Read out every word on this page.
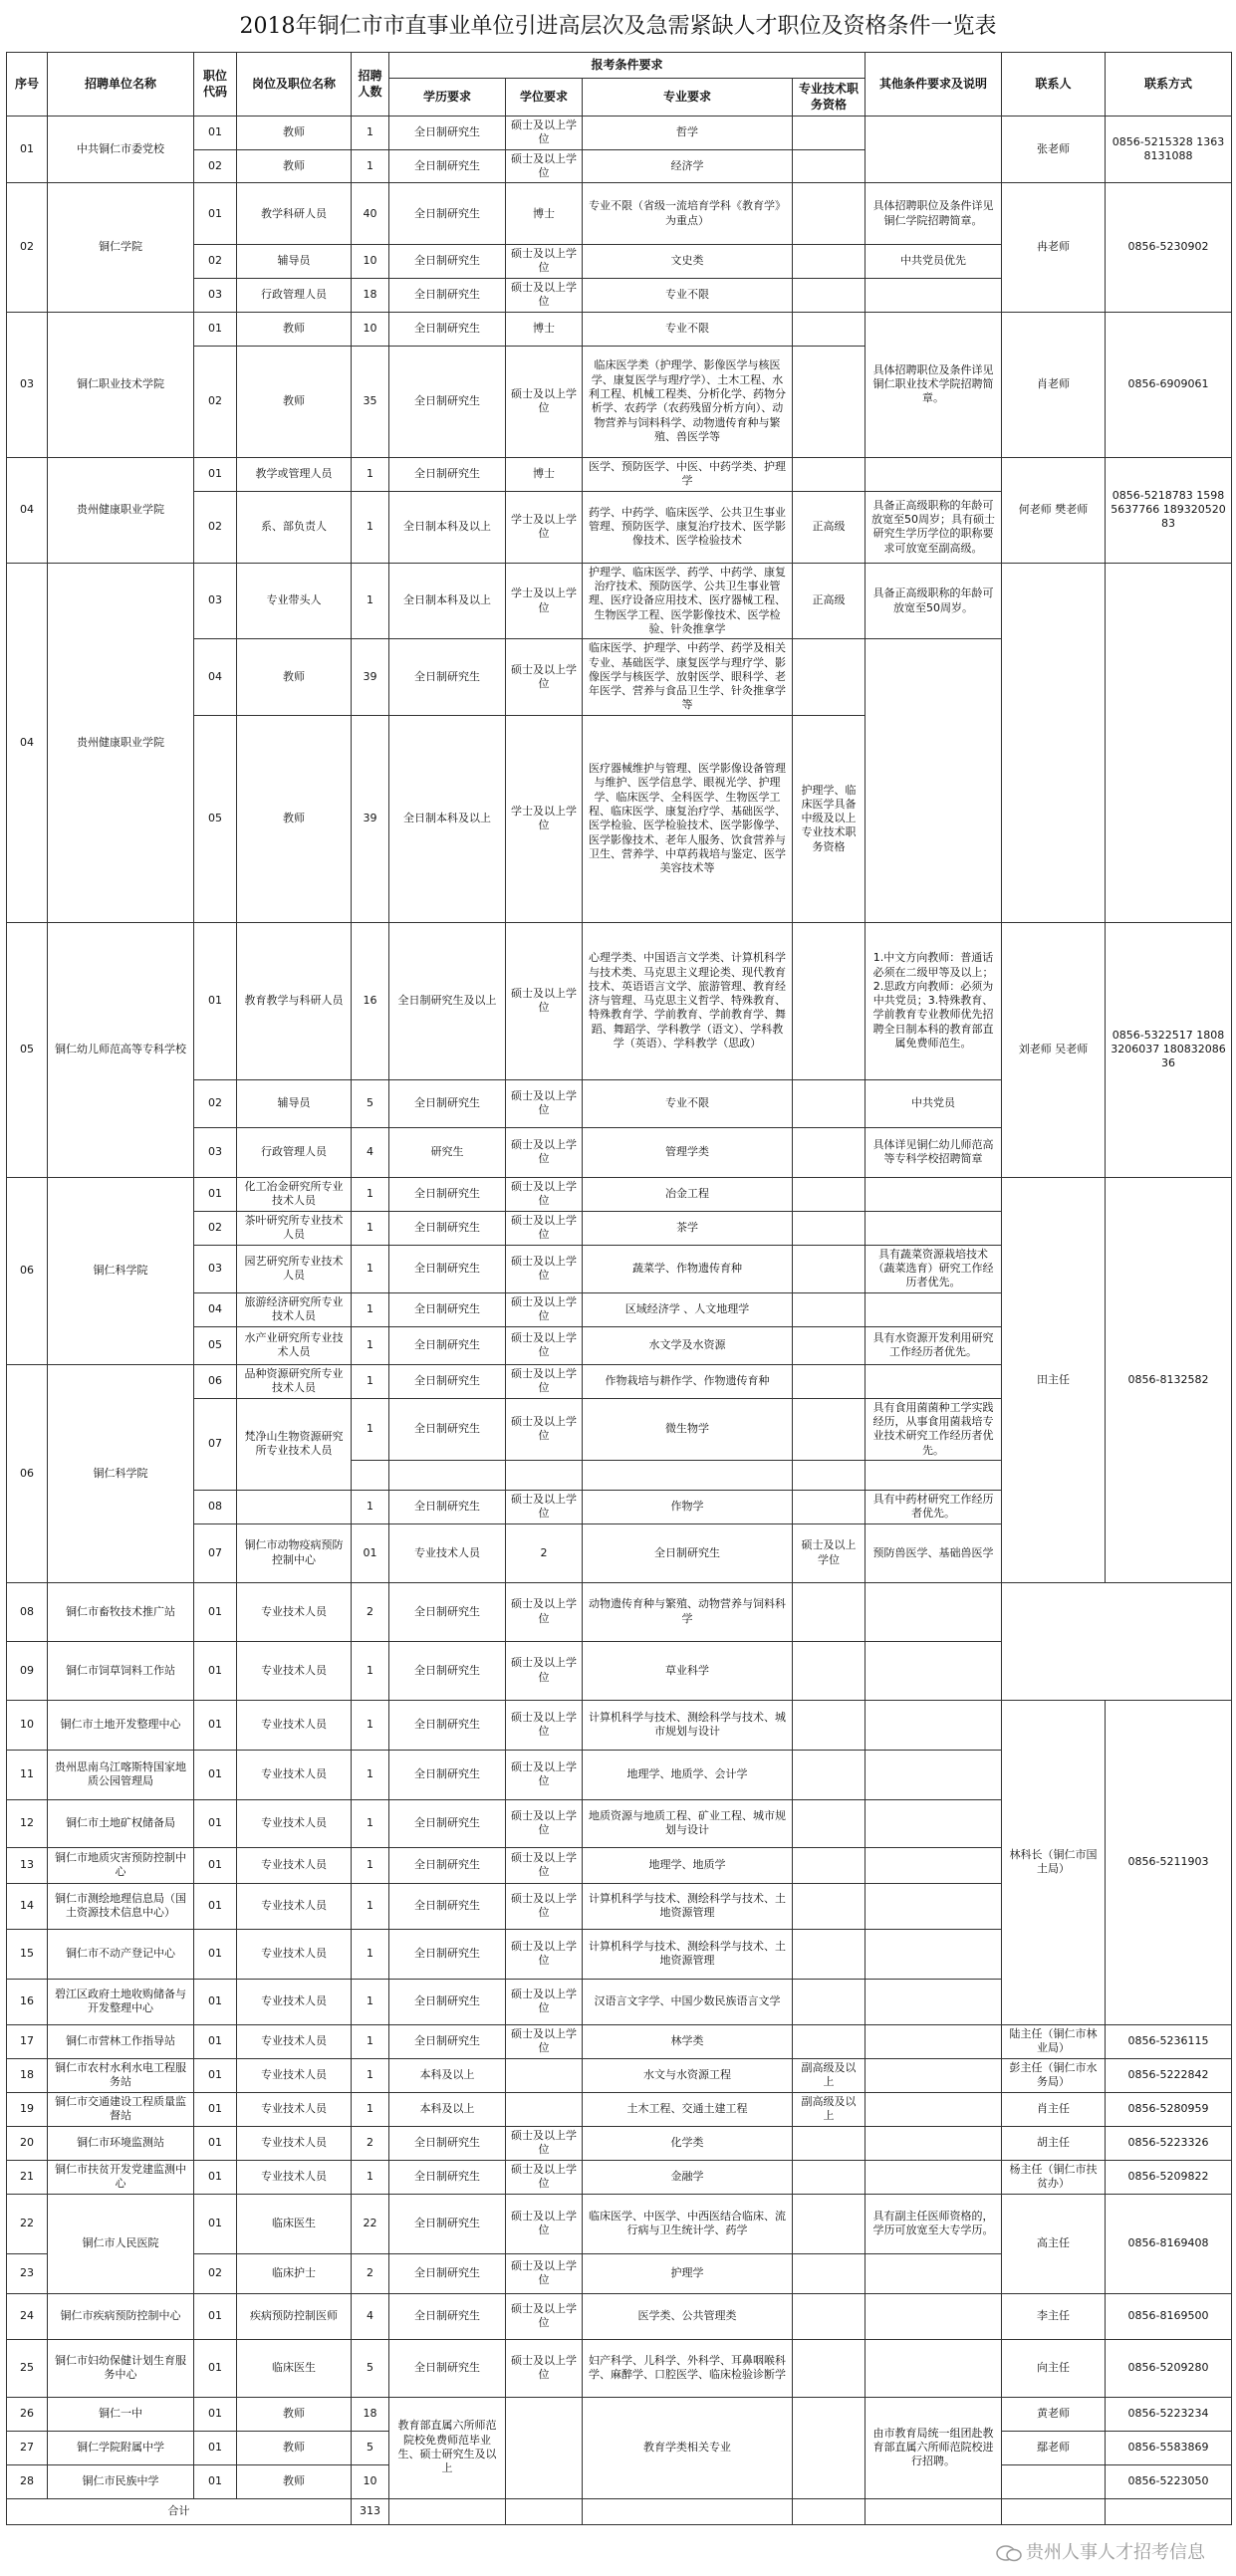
2018年铜仁市市直事业单位引进高层次及急需紧缺人才职位及资格条件一览表
序号	招聘单位名称	职位代码	岗位及职位名称	招聘人数	报考条件要求				其他条件要求及说明	联系人	联系方式	
					学历要求	学位要求	专业要求	专业技术职务资格				
01	中共铜仁市委党校	01	教师	1	全日制研究生	硕士及以上学位	哲学			张老师	0856-5215328 13638131088	
		02	教师	1	全日制研究生	硕士及以上学位	经济学					
02	铜仁学院	01	教学科研人员	40	全日制研究生	博士	专业不限（省级一流培育学科《教育学》为重点）		具体招聘职位及条件详见铜仁学院招聘简章。	冉老师	0856-5230902	
		02	辅导员	10	全日制研究生	硕士及以上学位	文史类		中共党员优先			
		03	行政管理人员	18	全日制研究生	硕士及以上学位	专业不限					
03	铜仁职业技术学院	01	教师	10	全日制研究生	博士	专业不限		具体招聘职位及条件详见铜仁职业技术学院招聘简章。	肖老师	0856-6909061	
		02	教师	35	全日制研究生	硕士及以上学位	临床医学类（护理学、影像医学与核医学、康复医学与理疗学）、土木工程、水利工程、机械工程类、分析化学、药物分析学、农药学（农药残留分析方向）、动物营养与饲料科学、动物遗传育种与繁殖、兽医学等					
04	贵州健康职业学院	01	教学或管理人员	1	全日制研究生	博士	医学、预防医学、中医、中药学类、护理学			何老师 樊老师	0856-5218783 15985637766 18932052083	
		02	系、部负责人	1	全日制本科及以上	学士及以上学位	药学、中药学、临床医学、公共卫生事业管理、预防医学、康复治疗技术、医学影像技术、医学检验技术	正高级	具备正高级职称的年龄可放宽至50周岁；具有硕士研究生学历学位的职称要求可放宽至副高级。			
04	贵州健康职业学院	03	专业带头人	1	全日制本科及以上	学士及以上学位	护理学、临床医学、药学、中药学、康复治疗技术、预防医学、公共卫生事业管理、医疗设备应用技术、医疗器械工程、生物医学工程、医学影像技术、医学检验、针灸推拿学	正高级	具备正高级职称的年龄可放宽至50周岁。			
		04	教师	39	全日制研究生	硕士及以上学位	临床医学、护理学、中药学、药学及相关专业、基础医学、康复医学与理疗学、影像医学与核医学、放射医学、眼科学、老年医学、营养与食品卫生学、针灸推拿学等					
		05	教师	39	全日制本科及以上	学士及以上学位	医疗器械维护与管理、医学影像设备管理与维护、医学信息学、眼视光学、护理学、临床医学、全科医学、生物医学工程、临床医学、康复治疗学、基础医学、医学检验、医学检验技术、医学影像学、医学影像技术、老年人服务、饮食营养与卫生、营养学、中草药栽培与鉴定、医学美容技术等	护理学、临床医学具备中级及以上专业技术职务资格				
05	铜仁幼儿师范高等专科学校	01	教育教学与科研人员	16	全日制研究生及以上	硕士及以上学位	心理学类、中国语言文学类、计算机科学与技术类、马克思主义理论类、现代教育技术、英语语言文学、旅游管理、教育经济与管理、马克思主义哲学、特殊教育、特殊教育学、学前教育、学前教育学、舞蹈、舞蹈学、学科教学（语文）、学科教学（英语）、学科教学（思政）		1.中文方向教师：普通话必须在二级甲等及以上；2.思政方向教师：必须为中共党员；3.特殊教育、学前教育专业教师优先招聘全日制本科的教育部直属免费师范生。	刘老师 吴老师	0856-5322517 18083206037 18083208636	
		02	辅导员	5	全日制研究生	硕士及以上学位	专业不限		中共党员			
		03	行政管理人员	4	研究生	硕士及以上学位	管理学类		具体详见铜仁幼儿师范高等专科学校招聘简章			
06	铜仁科学院	01	化工冶金研究所专业技术人员	1	全日制研究生	硕士及以上学位	冶金工程			田主任	0856-8132582	
		02	茶叶研究所专业技术人员	1	全日制研究生	硕士及以上学位	茶学					
		03	园艺研究所专业技术人员	1	全日制研究生	硕士及以上学位	蔬菜学、作物遗传育种		具有蔬菜资源栽培技术（蔬菜选育）研究工作经历者优先。			
		04	旅游经济研究所专业技术人员	1	全日制研究生	硕士及以上学位	区域经济学 、人文地理学					
		05	水产业研究所专业技术人员	1	全日制研究生	硕士及以上学位	水文学及水资源		具有水资源开发利用研究工作经历者优先。			
06	铜仁科学院	06	品种资源研究所专业技术人员	1	全日制研究生	硕士及以上学位	作物栽培与耕作学、作物遗传育种					
		07	梵净山生物资源研究所专业技术人员	1	全日制研究生	硕士及以上学位	微生物学		具有食用菌菌种工学实践经历，从事食用菌栽培专业技术研究工作经历者优先。			

		08		1	全日制研究生	硕士及以上学位	作物学		具有中药材研究工作经历者优先。			
		07	铜仁市动物疫病预防控制中心	01	专业技术人员	2	全日制研究生	硕士及以上学位	预防兽医学、基础兽医学				
08	铜仁市畜牧技术推广站	01	专业技术人员	2	全日制研究生	硕士及以上学位	动物遗传育种与繁殖、动物营养与饲料科学					
09	铜仁市饲草饲料工作站	01	专业技术人员	1	全日制研究生	硕士及以上学位	草业科学					
10	铜仁市土地开发整理中心	01	专业技术人员	1	全日制研究生	硕士及以上学位	计算机科学与技术、测绘科学与技术、城市规划与设计			林科长（铜仁市国土局）	0856-5211903	
11	贵州思南乌江喀斯特国家地质公园管理局	01	专业技术人员	1	全日制研究生	硕士及以上学位	地理学、地质学、会计学					
12	铜仁市土地矿权储备局	01	专业技术人员	1	全日制研究生	硕士及以上学位	地质资源与地质工程、矿业工程、城市规划与设计					
13	铜仁市地质灾害预防控制中心	01	专业技术人员	1	全日制研究生	硕士及以上学位	地理学、地质学					
14	铜仁市测绘地理信息局（国土资源技术信息中心）	01	专业技术人员	1	全日制研究生	硕士及以上学位	计算机科学与技术、测绘科学与技术、土地资源管理					
15	铜仁市不动产登记中心	01	专业技术人员	1	全日制研究生	硕士及以上学位	计算机科学与技术、测绘科学与技术、土地资源管理					
16	碧江区政府土地收购储备与开发整理中心	01	专业技术人员	1	全日制研究生	硕士及以上学位	汉语言文字学、中国少数民族语言文学					
17	铜仁市营林工作指导站	01	专业技术人员	1	全日制研究生	硕士及以上学位	林学类			陆主任（铜仁市林业局）	0856-5236115	
18	铜仁市农村水利水电工程服务站	01	专业技术人员	1	本科及以上		水文与水资源工程	副高级及以上		彭主任（铜仁市水务局）	0856-5222842	
19	铜仁市交通建设工程质量监督站	01	专业技术人员	1	本科及以上		土木工程、交通土建工程	副高级及以上		肖主任	0856-5280959	
20	铜仁市环境监测站	01	专业技术人员	2	全日制研究生	硕士及以上学位	化学类			胡主任	0856-5223326	
21	铜仁市扶贫开发党建监测中心	01	专业技术人员	1	全日制研究生	硕士及以上学位	金融学			杨主任（铜仁市扶贫办）	0856-5209822	
22	铜仁市人民医院	01	临床医生	22	全日制研究生	硕士及以上学位	临床医学、中医学、中西医结合临床、流行病与卫生统计学、药学		具有副主任医师资格的，学历可放宽至大专学历。	高主任	0856-8169408	
23		02	临床护士	2	全日制研究生	硕士及以上学位	护理学					
24	铜仁市疾病预防控制中心	01	疾病预防控制医师	4	全日制研究生	硕士及以上学位	医学类、公共管理类			李主任	0856-8169500	
25	铜仁市妇幼保健计划生育服务中心	01	临床医生	5	全日制研究生	硕士及以上学位	妇产科学、儿科学、外科学、耳鼻咽喉科学、麻醉学、口腔医学、临床检验诊断学			向主任	0856-5209280	
26	铜仁一中	01	教师	18	教育部直属六所师范院校免费师范毕业生、硕士研究生及以上		教育学类相关专业		由市教育局统一组团赴教育部直属六所师范院校进行招聘。	黄老师	0856-5223234	
27	铜仁学院附属中学	01	教师	5						鄢老师	0856-5583869	
28	铜仁市民族中学	01	教师	10							0856-5223050	
合计				313								
贵州人事人才招考信息
